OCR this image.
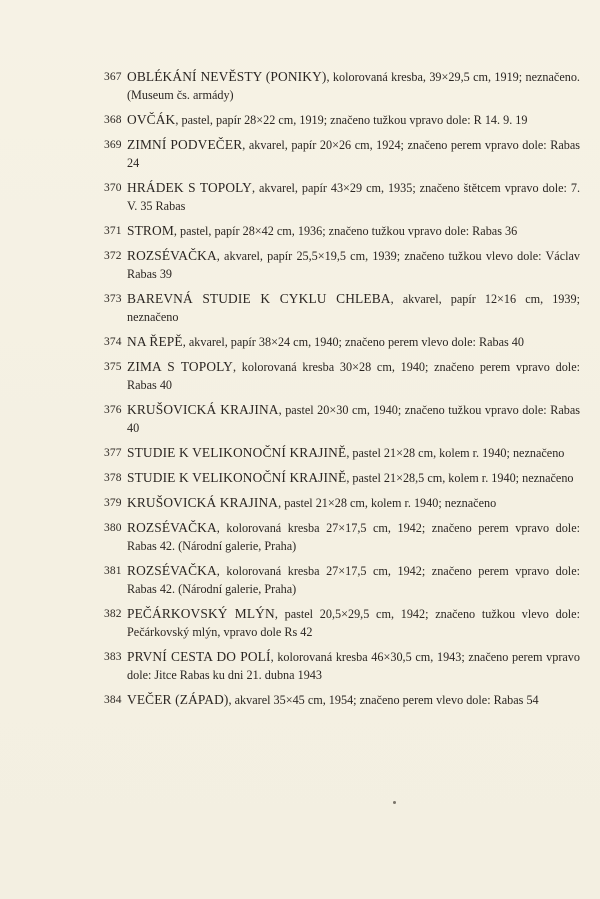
367 OBLÉKÁNÍ NEVĚSTY (PONIKY), kolorovaná kresba, 39×29,5 cm, 1919; neznačeno. (Museum čs. armády)
368 OVČÁK, pastel, papír 28×22 cm, 1919; značeno tužkou vpravo dole: R 14. 9. 19
369 ZIMNÍ PODVEČER, akvarel, papír 20×26 cm, 1924; značeno perem vpravo dole: Rabas 24
370 HRÁDEK S TOPOLY, akvarel, papír 43×29 cm, 1935; značeno štětcem vpravo dole: 7. V. 35 Rabas
371 STROM, pastel, papír 28×42 cm, 1936; značeno tužkou vpravo dole: Rabas 36
372 ROZSÉVAČKA, akvarel, papír 25,5×19,5 cm, 1939; značeno tužkou vlevo dole: Václav Rabas 39
373 BAREVNÁ STUDIE K CYKLU CHLEBA, akvarel, papír 12×16 cm, 1939; neznačeno
374 NA ŘEPĚ, akvarel, papír 38×24 cm, 1940; značeno perem vlevo dole: Rabas 40
375 ZIMA S TOPOLY, kolorovaná kresba 30×28 cm, 1940; značeno perem vpravo dole: Rabas 40
376 KRUŠOVICKÁ KRAJINA, pastel 20×30 cm, 1940; značeno tužkou vpravo dole: Rabas 40
377 STUDIE K VELIKONOČNÍ KRAJINĚ, pastel 21×28 cm, kolem r. 1940; neznačeno
378 STUDIE K VELIKONOČNÍ KRAJINĚ, pastel 21×28,5 cm, kolem r. 1940; neznačeno
379 KRUŠOVICKÁ KRAJINA, pastel 21×28 cm, kolem r. 1940; neznačeno
380 ROZSÉVAČKA, kolorovaná kresba 27×17,5 cm, 1942; značeno perem vpravo dole: Rabas 42. (Národní galerie, Praha)
381 ROZSÉVAČKA, kolorovaná kresba 27×17,5 cm, 1942; značeno perem vpravo dole: Rabas 42. (Národní galerie, Praha)
382 PEČÁRKOVSKÝ MLÝN, pastel 20,5×29,5 cm, 1942; značeno tužkou vlevo dole: Pečárkovský mlýn, vpravo dole Rs 42
383 PRVNÍ CESTA DO POLÍ, kolorovaná kresba 46×30,5 cm, 1943; značeno perem vpravo dole: Jitce Rabas ku dni 21. dubna 1943
384 VEČER (ZÁPAD), akvarel 35×45 cm, 1954; značeno perem vlevo dole: Rabas 54
